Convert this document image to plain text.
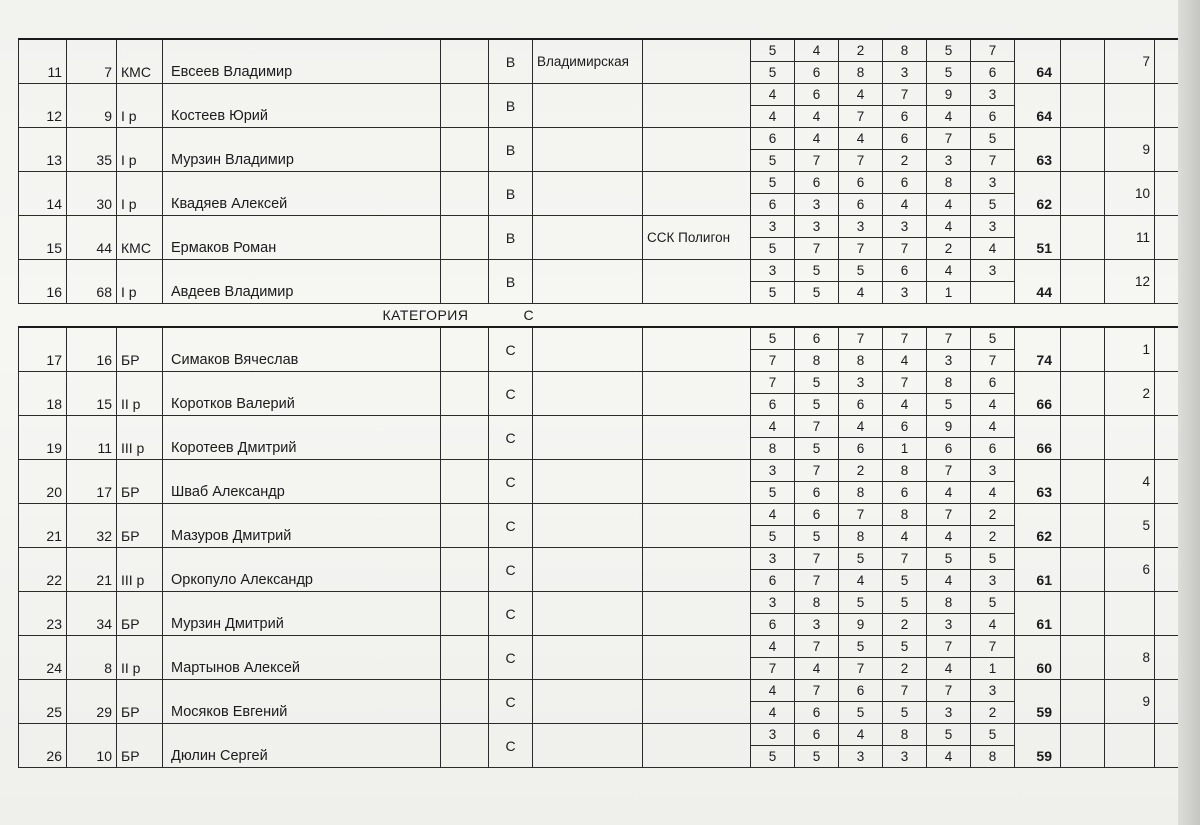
11	7	КМС	Евсеев Владимир		В	Владимирская		5	4	2	8	5	7	64		7	
								5	6	8	3	5	6				
12	9	I р	Костеев Юрий		В			4	6	4	7	9	3	64			
								4	4	7	6	4	6				
13	35	I р	Мурзин Владимир		В			6	4	4	6	7	5	63		9	
								5	7	7	2	3	7				
14	30	I р	Квадяев Алексей		В			5	6	6	6	8	3	62		10	
								6	3	6	4	4	5				
15	44	КМС	Ермаков Роман		В		ССК Полигон	3	3	3	3	4	3	51		11	
								5	7	7	7	2	4				
16	68	I р	Авдеев Владимир		В			3	5	5	6	4	3	44		12	
								5	5	4	3	1					
КАТЕГОРИЯ С																	
17	16	БР	Симаков Вячеслав		С			5	6	7	7	7	5	74		1	
								7	8	8	4	3	7				
18	15	II р	Коротков Валерий		С			7	5	3	7	8	6	66		2	
								6	5	6	4	5	4				
19	11	III р	Коротеев Дмитрий		С			4	7	4	6	9	4	66			
								8	5	6	1	6	6				
20	17	БР	Шваб Александр		С			3	7	2	8	7	3	63		4	
								5	6	8	6	4	4				
21	32	БР	Мазуров Дмитрий		С			4	6	7	8	7	2	62		5	
								5	5	8	4	4	2				
22	21	III р	Оркопуло Александр		С			3	7	5	7	5	5	61		6	
								6	7	4	5	4	3				
23	34	БР	Мурзин Дмитрий		С			3	8	5	5	8	5	61			
								6	3	9	2	3	4				
24	8	II р	Мартынов Алексей		С			4	7	5	5	7	7	60		8	
								7	4	7	2	4	1				
25	29	БР	Мосяков Евгений		С			4	7	6	7	7	3	59		9	
								4	6	5	5	3	2				
26	10	БР	Дюлин Сергей		С			3	6	4	8	5	5	59			
								5	5	3	3	4	8				
